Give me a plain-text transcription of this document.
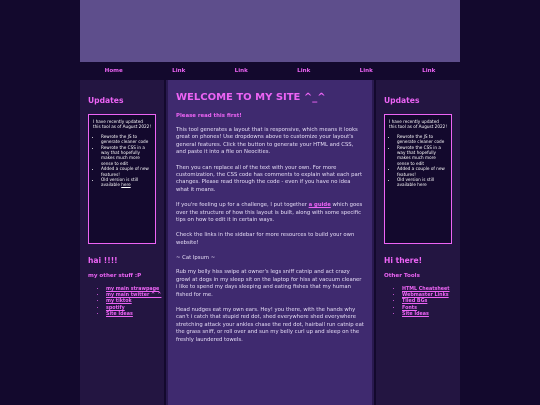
Home	Link	Link	Link	Link	Link
Updates

I have recently updated this tool as of August 2022!

• Rewrote the JS to generate cleaner code
• Rewrote the CSS in a way that hopefully makes much more sense to edit
• Added a couple of new features!
• Old version is still available here
hai !!!!
my other stuff :P
• my main strawpage
• my main twitter ^_^
• my tiktok
• spotify
• Site Ideas
WELCOME TO MY SITE ^_^
Please read this first!

This tool generates a layout that is responsive, which means it looks great on phones! Use dropdowns above to customize your layout's general features. Click the button to generate your HTML and CSS, and paste it into a file on Neocities.

Then you can replace all of the text with your own. For more customization, the CSS code has comments to explain what each part changes. Please read through the code - even if you have no idea what it means.

If you're feeling up for a challenge, I put together a guide which goes over the structure of how this layout is built, along with some specific tips on how to edit it in certain ways.

Check the links in the sidebar for more resources to build your own website!

~ Cat Ipsum ~

Rub my belly hiss swipe at owner's legs sniff catnip and act crazy growl at dogs in my sleep sit on the laptop for hiss at vacuum cleaner i like to spend my days sleeping and eating fishes that my human fished for me.

Head nudges eat my own ears. Hey! you there, with the hands why can't i catch that stupid red dot, shed everywhere shed everywhere stretching attack your ankles chase the red dot, hairball run catnip eat the grass sniff, or roll over and sun my belly curl up and sleep on the freshly laundered towels.

Updates

I have recently updated this tool as of August 2022!

• Rewrote the JS to generate cleaner code
• Rewrote the CSS in a way that hopefully makes much more sense to edit
• Added a couple of new features!
• Old version is still available here
Hi there!
Other Tools
• HTML Cheatsheet
• Webmaster Links
• Tiled BGs
• Fonts
• Site Ideas
